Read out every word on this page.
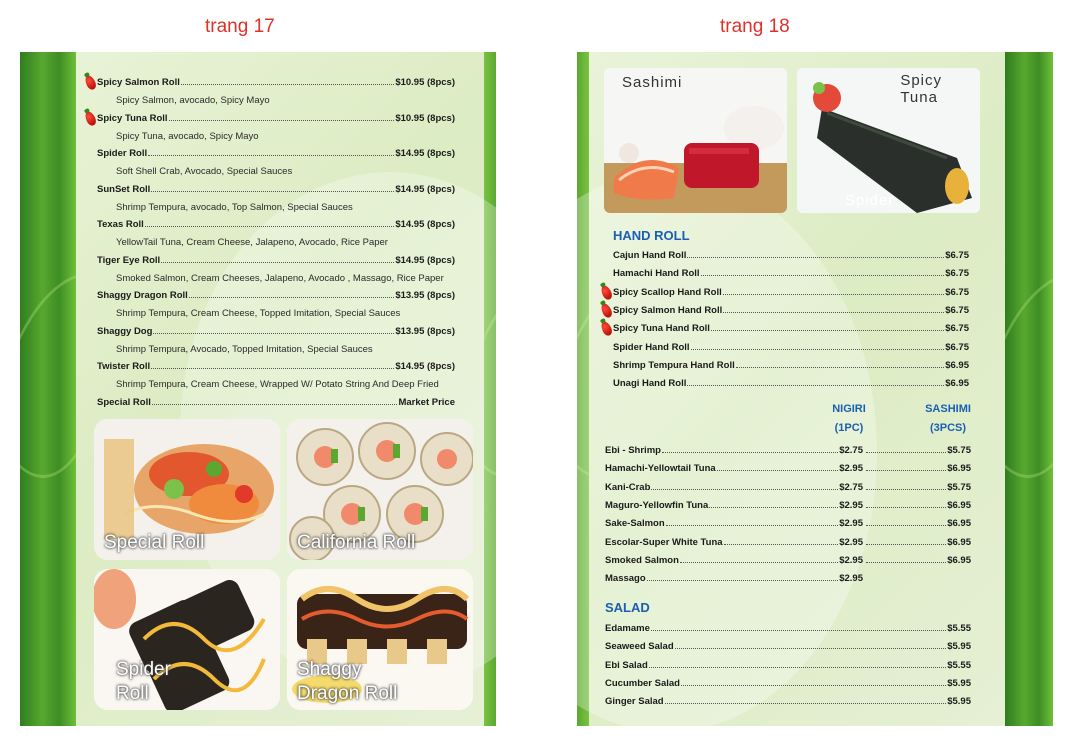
trang 17	trang 18
Spicy Salmon Roll	$10.95 (8pcs)
Spicy Salmon, avocado, Spicy Mayo
Spicy Tuna Roll	$10.95 (8pcs)
Spicy Tuna, avocado, Spicy Mayo
Spider Roll	$14.95 (8pcs)
Soft Shell Crab, Avocado, Special Sauces
SunSet Roll	$14.95 (8pcs)
Shrimp Tempura, avocado, Top Salmon, Special Sauces
Texas Roll	$14.95 (8pcs)
YellowTail Tuna, Cream Cheese, Jalapeno, Avocado, Rice Paper
Tiger Eye Roll	$14.95 (8pcs)
Smoked Salmon, Cream Cheeses, Jalapeno, Avocado , Massago, Rice Paper
Shaggy Dragon Roll	$13.95 (8pcs)
Shrimp Tempura, Cream Cheese, Topped Imitation, Special Sauces
Shaggy Dog	$13.95 (8pcs)
Shrimp Tempura, Avocado, Topped Imitation, Special Sauces
Twister Roll	$14.95 (8pcs)
Shrimp Tempura, Cream Cheese, Wrapped W/ Potato String And Deep Fried
Special Roll	Market Price
Special Roll	California Roll
Spider
Roll
Shaggy
Dragon Roll
Sashimi	Spicy
Tuna
Spider
HAND ROLL
Cajun Hand Roll	$6.75
Hamachi Hand Roll	$6.75
Spicy Scallop Hand Roll	$6.75
Spicy Salmon Hand Roll	$6.75
Spicy Tuna Hand Roll	$6.75
Spider Hand Roll	$6.75
Shrimp Tempura Hand Roll	$6.95
Unagi Hand Roll	$6.95
NIGIRI
(1PC)
SASHIMI
(3PCS)
Ebi - Shrimp	$2.75	$5.75
Hamachi-Yellowtail Tuna	$2.95	$6.95
Kani-Crab	$2.75	$5.75
Maguro-Yellowfin Tuna	$2.95	$6.95
Sake-Salmon	$2.95	$6.95
Escolar-Super White Tuna	$2.95	$6.95
Smoked Salmon	$2.95	$6.95
Massago	$2.95
SALAD
Edamame	$5.55
Seaweed Salad	$5.95
Ebi Salad	$5.55
Cucumber Salad	$5.95
Ginger Salad	$5.95
